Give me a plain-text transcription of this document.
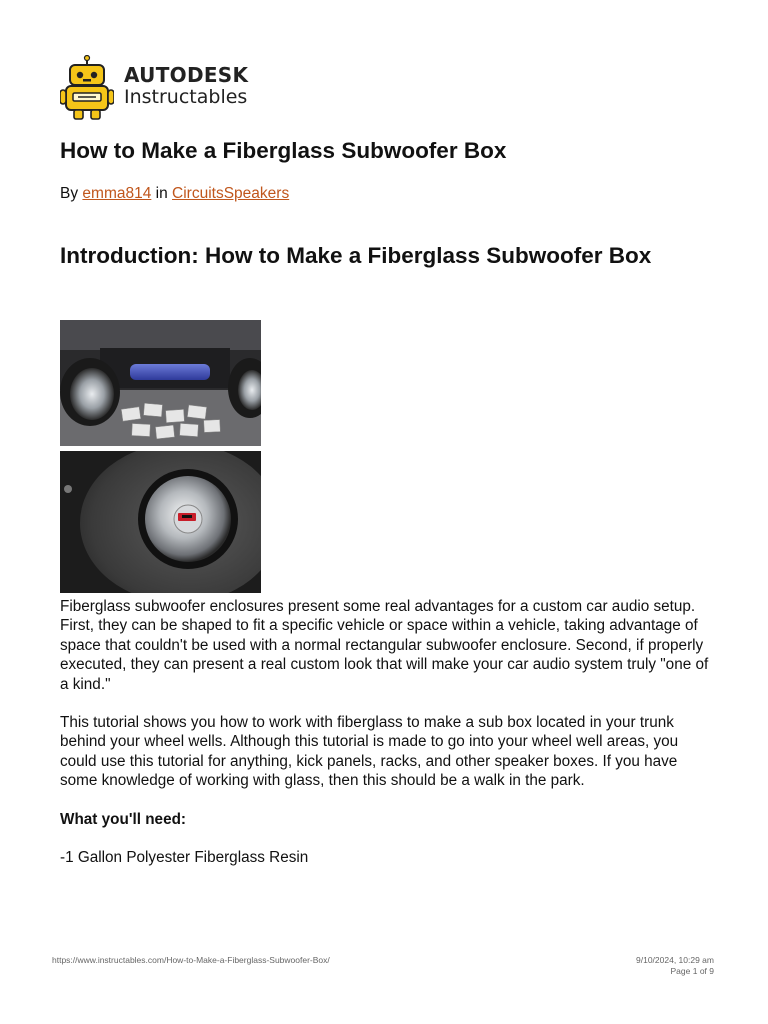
AUTODESK
Instructables
How to Make a Fiberglass Subwoofer Box
By emma814 in CircuitsSpeakers
Introduction: How to Make a Fiberglass Subwoofer Box

Fiberglass subwoofer enclosures present some real advantages for a custom car audio setup. First, they can be shaped to fit a specific vehicle or space within a vehicle, taking advantage of space that couldn't be used with a normal rectangular subwoofer enclosure. Second, if properly executed, they can present a real custom look that will make your car audio system truly "one of a kind."

This tutorial shows you how to work with fiberglass to make a sub box located in your trunk behind your wheel wells. Although this tutorial is made to go into your wheel well areas, you could use this tutorial for anything, kick panels, racks, and other speaker boxes. If you have some knowledge of working with glass, then this should be a walk in the park.

What you'll need:

-1 Gallon Polyester Fiberglass Resin

https://www.instructables.com/How-to-Make-a-Fiberglass-Subwoofer-Box/	9/10/2024, 10:29 am
Page 1 of 9
